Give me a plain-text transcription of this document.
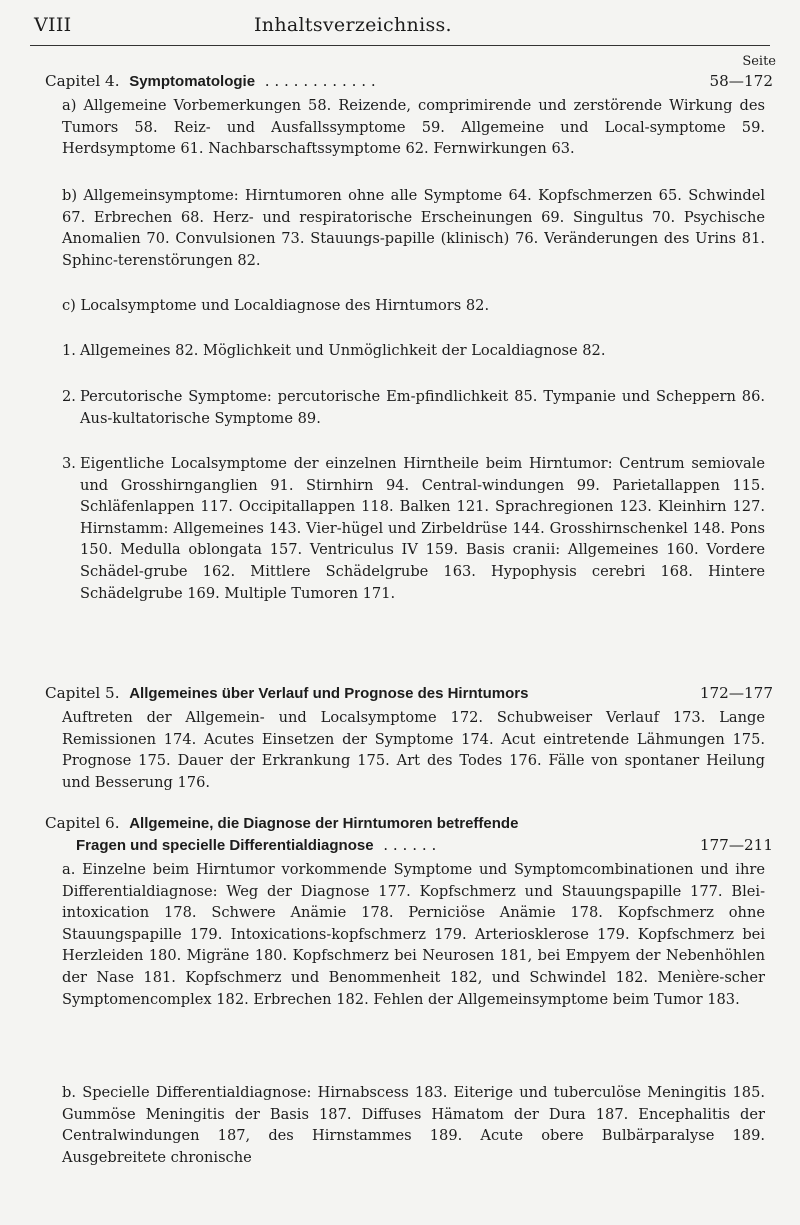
VIII	Inhaltsverzeichniss.
Seite
Capitel 4. Symptomatologie . . . . . . . . . . . .	58—172

a) Allgemeine Vorbemerkungen 58. Reizende, comprimirende und zerstörende Wirkung des Tumors 58. Reiz- und Ausfallssymptome 59. Allgemeine und Local-symptome 59. Herdsymptome 61. Nachbarschaftssymptome 62. Fernwirkungen 63.

b) Allgemeinsymptome: Hirntumoren ohne alle Symptome 64. Kopfschmerzen 65. Schwindel 67. Erbrechen 68. Herz- und respiratorische Erscheinungen 69. Singultus 70. Psychische Anomalien 70. Convulsionen 73. Stauungs-papille (klinisch) 76. Veränderungen des Urins 81. Sphinc-terenstörungen 82.

c) Localsymptome und Localdiagnose des Hirntumors 82.

1. Allgemeines 82. Möglichkeit und Unmöglichkeit der Localdiagnose 82.
2. Percutorische Symptome: percutorische Em-pfindlichkeit 85. Tympanie und Scheppern 86. Aus-kultatorische Symptome 89.
3. Eigentliche Localsymptome der einzelnen Hirntheile beim Hirntumor: Centrum semiovale und Grosshirnganglien 91. Stirnhirn 94. Central-windungen 99. Parietallappen 115. Schläfenlappen 117. Occipitallappen 118. Balken 121. Sprachregionen 123. Kleinhirn 127. Hirnstamm: Allgemeines 143. Vier-hügel und Zirbeldrüse 144. Grosshirnschenkel 148. Pons 150. Medulla oblongata 157. Ventriculus IV 159. Basis cranii: Allgemeines 160. Vordere Schädel-grube 162. Mittlere Schädelgrube 163. Hypophysis cerebri 168. Hintere Schädelgrube 169. Multiple Tumoren 171.
Capitel 5. Allgemeines über Verlauf und Prognose des Hirntumors	172—177

Auftreten der Allgemein- und Localsymptome 172. Schubweiser Verlauf 173. Lange Remissionen 174. Acutes Einsetzen der Symptome 174. Acut eintretende Lähmungen 175. Prognose 175. Dauer der Erkrankung 175. Art des Todes 176. Fälle von spontaner Heilung und Besserung 176.

Capitel 6. Allgemeine, die Diagnose der Hirntumoren betreffende
Fragen und specielle Differentialdiagnose . . . . . .	177—211

a. Einzelne beim Hirntumor vorkommende Symptome und Symptomcombinationen und ihre Differentialdiagnose: Weg der Diagnose 177. Kopfschmerz und Stauungspapille 177. Blei-intoxication 178. Schwere Anämie 178. Perniciöse Anämie 178. Kopfschmerz ohne Stauungspapille 179. Intoxications-kopfschmerz 179. Arteriosklerose 179. Kopfschmerz bei Herzleiden 180. Migräne 180. Kopfschmerz bei Neurosen 181, bei Empyem der Nebenhöhlen der Nase 181. Kopfschmerz und Benommenheit 182, und Schwindel 182. Menière-scher Symptomencomplex 182. Erbrechen 182. Fehlen der Allgemeinsymptome beim Tumor 183.

b. Specielle Differentialdiagnose: Hirnabscess 183. Eiterige und tuberculöse Meningitis 185. Gummöse Meningitis der Basis 187. Diffuses Hämatom der Dura 187. Encephalitis der Centralwindungen 187, des Hirnstammes 189. Acute obere Bulbärparalyse 189. Ausgebreitete chronische
